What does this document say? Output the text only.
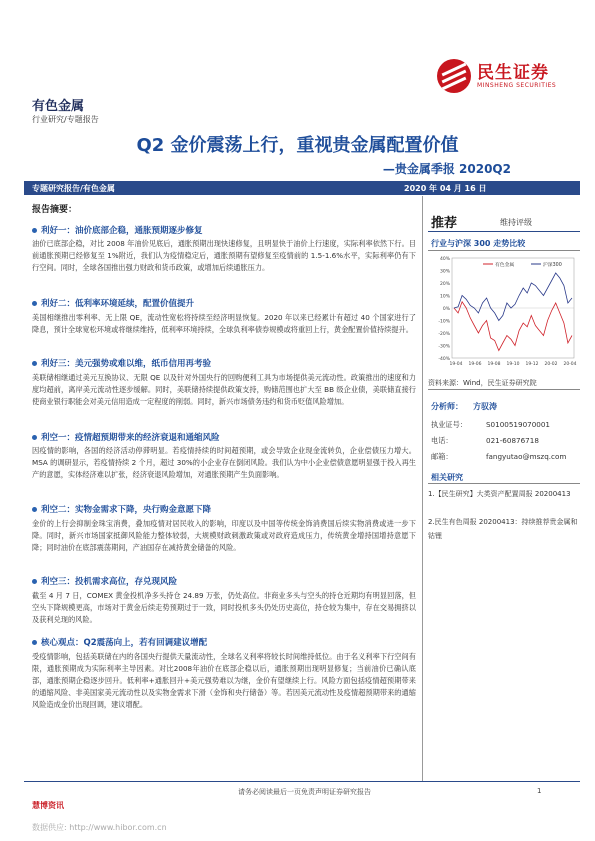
民生证券
MINSHENG SECURITIES
有色金属
行业研究/专题报告
Q2 金价震荡上行，重视贵金属配置价值
—贵金属季报 2020Q2
专题研究报告/有色金属	2020 年 04 月 16 日
报告摘要：
利好一：油价底部企稳，通胀预期逐步修复
油价已底部企稳，对比 2008 年油价见底后，通胀预期出现快速修复，且明显快于油价上行速度，实际利率依然下行。目前通胀预期已经修复至 1%附近，我们认为疫情稳定后，通胀预期有望修复至疫情前的 1.5-1.6%水平，实际利率仍有下行空间。同时，全球各国推出强力财政和货币政策，或增加后续通胀压力。
利好二：低利率环境延续，配置价值提升
美国相继推出零利率、无上限 QE，流动性宽松将持续至经济明显恢复。2020 年以来已经累计有超过 40 个国家进行了降息，预计全球宽松环境或将继续维持，低利率环境持续，全球负利率债券规模或将重回上行，黄金配置价值持续提升。
利好三：美元强势或难以维，纸币信用再考验
美联储相继通过美元互换协议、无限 QE 以及针对外国央行的回购便利工具为市场提供美元流动性。政策推出的速度和力度均超前，离岸美元流动性逐步缓解。同时，美联储持续提供政策支持，购储范围也扩大至 BB 级企业债，美联储直接行使商业银行职能会对美元信用造成一定程度的削弱。同时，新兴市场债务违约和货币贬值风险增加。
利空一：疫情超预期带来的经济衰退和通缩风险
因疫情的影响，各国的经济活动停滞明显。若疫情持续的时间超预期，或会导致企业现金流转负，企业偿债压力增大。MSA 的调研显示，若疫情持续 2 个月，超过 30%的小企业存在倒闭风险。我们认为中小企业偿债意愿明显强于投入再生产的意愿，实体经济难以扩张，经济衰退风险增加，对通胀预期产生负面影响。
利空二：实物金需求下降，央行购金意愿下降
金价的上行会抑制金珠宝消费，叠加疫情对居民收入的影响，印度以及中国等传统金饰消费国后续实物消费或进一步下降。同时，新兴市场国家抵御风险能力整体较弱，大规模财政刺激政策或对政府造成压力，传统黄金增持国增持意愿下降；同时油价在底部震荡期间，产油国存在减持黄金储备的风险。
利空三：投机需求高位，存兑现风险
截至 4 月 7 日，COMEX 黄金投机净多头持仓 24.89 万张，仍处高位。非商业多头与空头的持仓近期均有明显回落，但空头下降规模更高，市场对于黄金后续走势预期过于一致，同时投机多头仍处历史高位，持仓较为集中，存在交易拥挤以及获利兑现的风险。
核心观点：Q2震荡向上，若有回调建议增配
受疫情影响，包括美联储在内的各国央行提供天量流动性，全球名义利率将较长时间维持低位。由于名义利率下行空间有限，通胀预期成为实际利率主导因素。对比2008年油价在底部企稳以后，通胀预期出现明显修复；当前油价已确认底部，通胀预期企稳逐步回升。低利率+通胀回升+美元强势难以为继，金价有望继续上行。风险方面包括疫情超预期带来的通缩风险、非美国家美元流动性以及实物金需求下滑（金饰和央行储备）等。若因美元流动性及疫情超预期带来的通缩风险造成金价出现回调，建议增配。
推荐	维持评级
行业与沪深 300 走势比较
40%
30%
20%
10%
0%
-10%
-20%
-30%
-40%
19-04 19-06 19-08 19-10 19-12 20-02 20-04
有色金属	沪深300
资料来源：Wind，民生证券研究院
分析师： 方驭涛
执业证号：	S0100519070001
电话：	021-60876718
邮箱：	fangyutao@mszq.com
相关研究
1.【民生研究】大类资产配置周报 20200413
2.民生有色周报 20200413：持续推荐贵金属和钴锂
请务必阅读最后一页免责声明证券研究报告	1
慧博资讯
数据供应: http://www.hibor.com.cn
